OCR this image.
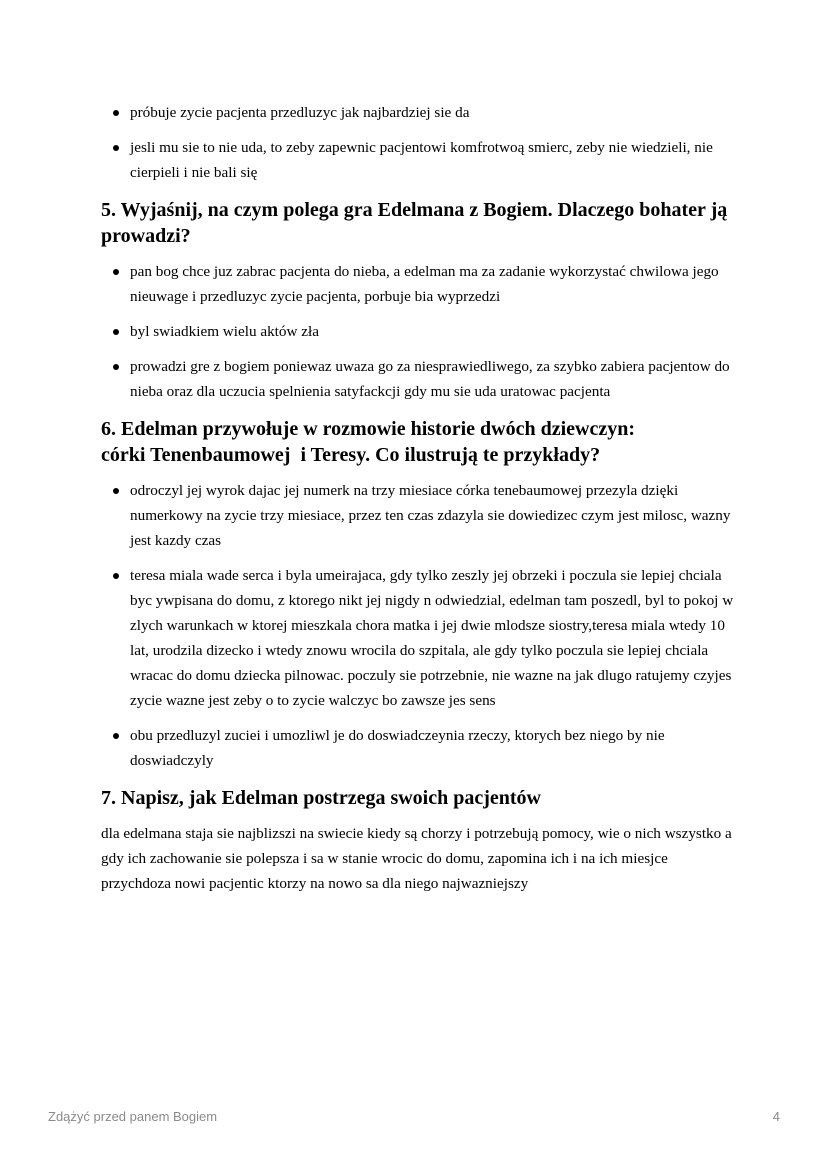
próbuje zycie pacjenta przedluzyc jak najbardziej sie da
jesli mu sie to nie uda, to zeby zapewnic pacjentowi komfrotwoą smierc, zeby nie wiedzieli, nie cierpieli i nie bali się
5. Wyjaśnij, na czym polega gra Edelmana z Bogiem. Dlaczego bohater ją prowadzi?
pan bog chce juz zabrac pacjenta do nieba, a edelman ma za zadanie wykorzystać chwilowa jego nieuwage i przedluzyc zycie pacjenta, porbuje bia wyprzedzi
byl swiadkiem wielu aktów zła
prowadzi gre z bogiem poniewaz uwaza go za niesprawiedliwego, za szybko zabiera pacjentow do nieba oraz dla uczucia spelnienia satyfackcji gdy mu sie uda uratowac pacjenta
6. Edelman przywołuje w rozmowie historie dwóch dziewczyn:
córki Tenenbaumowej  i Teresy. Co ilustrują te przykłady?
odroczyl jej wyrok dajac jej numerk na trzy miesiace córka tenebaumowej przezyla dzięki numerkowy na zycie trzy miesiace, przez ten czas zdazyla sie dowiedizec czym jest milosc, wazny jest kazdy czas
teresa miala wade serca i byla umeirajaca, gdy tylko zeszly jej obrzeki i poczula sie lepiej chciala byc ywpisana do domu, z ktorego nikt jej nigdy n odwiedzial, edelman tam poszedl, byl to pokoj w zlych warunkach w ktorej mieszkala chora matka i jej dwie mlodsze siostry,teresa miala wtedy 10 lat, urodzila dizecko i wtedy znowu wrocila do szpitala, ale gdy tylko poczula sie lepiej chciala wracac do domu dziecka pilnowac. poczuly sie potrzebnie, nie wazne na jak dlugo ratujemy czyjes zycie wazne jest zeby o to zycie walczyc bo zawsze jes sens
obu przedluzyl zuciei i umozliwl je do doswiadczeynia rzeczy, ktorych bez niego by nie doswiadczyly
7. Napisz, jak Edelman postrzega swoich pacjentów

dla edelmana staja sie najblizszi na swiecie kiedy są chorzy i potrzebują pomocy, wie o nich wszystko a gdy ich zachowanie sie polepsza i sa w stanie wrocic do domu, zapomina ich i na ich miesjce przychdoza nowi pacjentic ktorzy na nowo sa dla niego najwazniejszy

Zdążyć przed panem Bogiem	4
